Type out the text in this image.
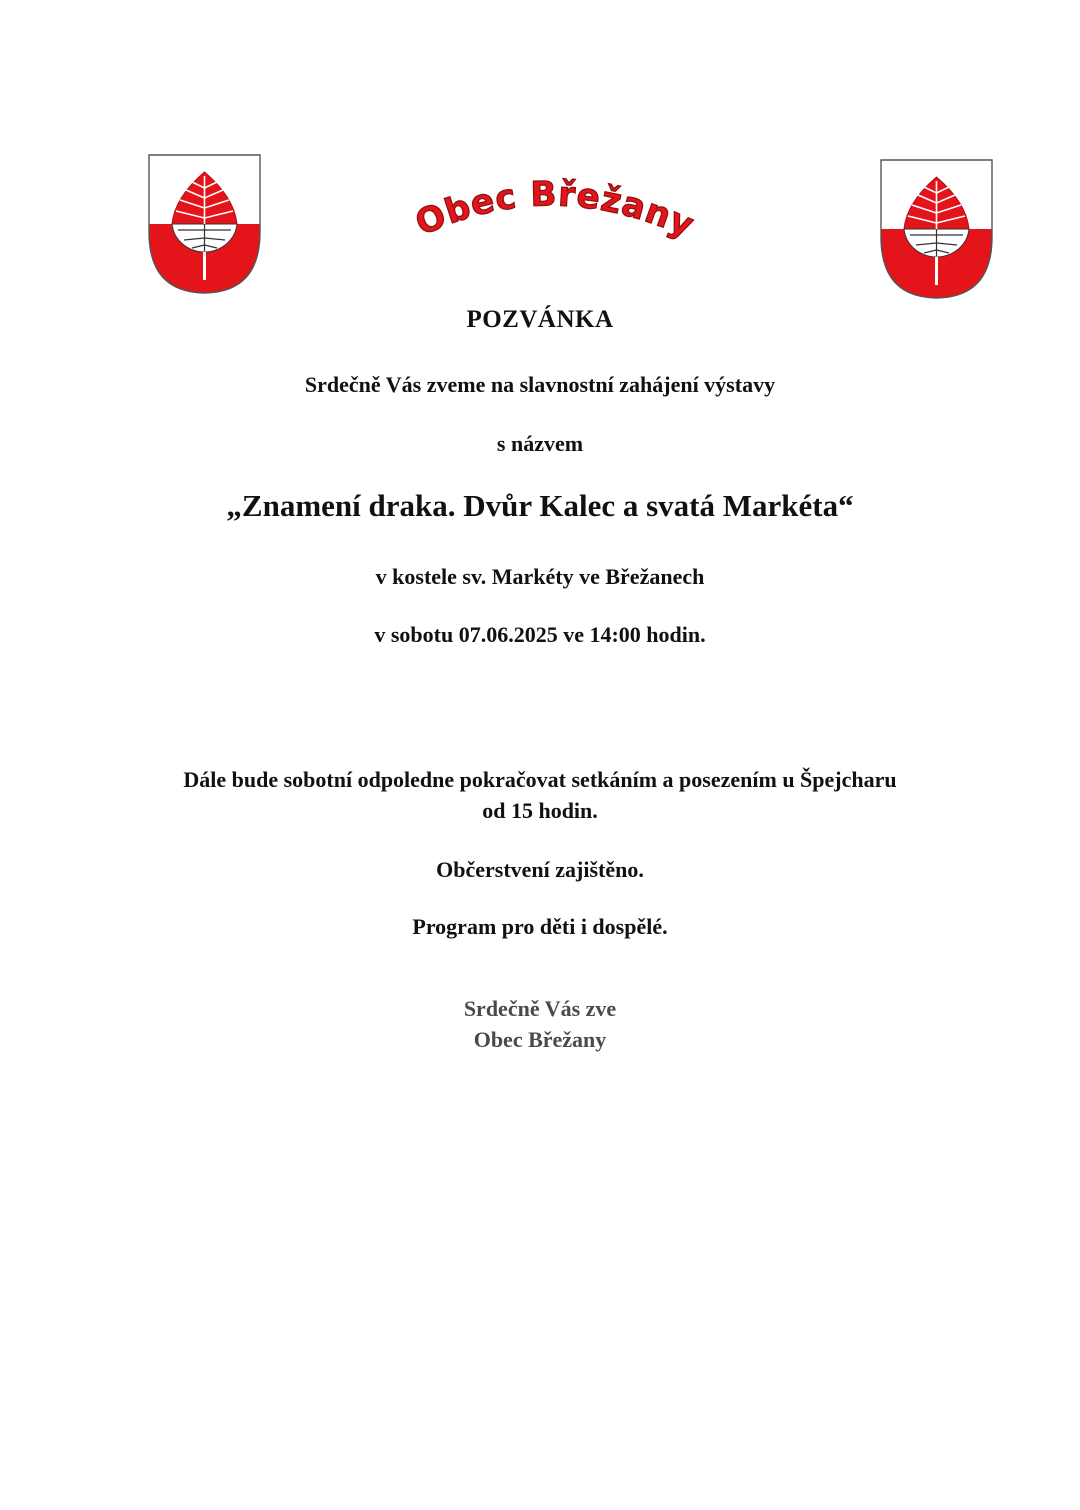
Obec Břežany
POZVÁNKA
Srdečně Vás zveme na slavnostní zahájení výstavy
s názvem
„Znamení draka. Dvůr Kalec a svatá Markéta“
v kostele sv. Markéty ve Břežanech
v sobotu 07.06.2025 ve 14:00 hodin.
Dále bude sobotní odpoledne pokračovat setkáním a posezením u Špejcharu
od 15 hodin.
Občerstvení zajištěno.
Program pro děti i dospělé.
Srdečně Vás zve
Obec Břežany
